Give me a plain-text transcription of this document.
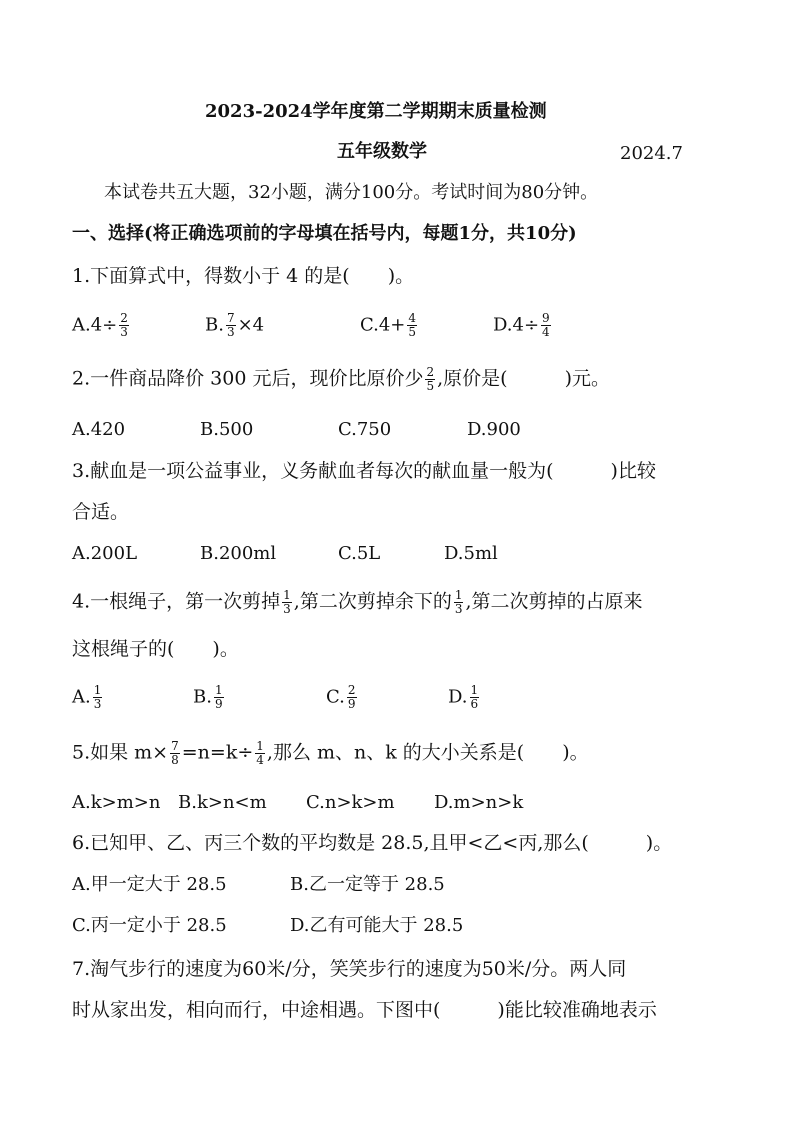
2023-2024学年度第二学期期末质量检测
五年级数学	2024.7
本试卷共五大题，32小题，满分100分。考试时间为80分钟。
一、选择(将正确选项前的字母填在括号内，每题1分，共10分)
1.下面算式中，得数小于 4 的是(　　)。
$A.4\div \frac{2}{3}$	B. $\frac{7}{3} \times 4$	$C.4+ \frac{4}{5}$	$D.4\div \frac{9}{4}$
2.一件商品降价 300 元后，现价比原价少 $\frac{2}{5}$ ,原价是(　　　)元。
A.420	B.500	C.750	D.900
3.献血是一项公益事业，义务献血者每次的献血量一般为(　　　)比较
合适。
A.200L	B.200ml	C.5L	D.5ml
4.一根绳子，第一次剪掉 $\frac{1}{3}$ ,第二次剪掉余下的 $\frac{1}{3}$ ,第二次剪掉的占原来
这根绳子的(　　)。
A. $\frac{1}{3}$	B. $\frac{1}{9}$	C. $\frac{2}{9}$	D. $\frac{1}{6}$
5.如果 $m\times \frac{7}{8} =n=k\div \frac{1}{4}$ ,那么 m、n、k 的大小关系是(　　)。
A.k>m>n B.k>n<m C.n>k>m D.m>n>k
6.已知甲、乙、丙三个数的平均数是 28.5,且甲<乙<丙,那么(　　　)。
A.甲一定大于 28.5	B.乙一定等于 28.5
C.丙一定小于 28.5	D.乙有可能大于 28.5
7.淘气步行的速度为60米/分，笑笑步行的速度为50米/分。两人同
时从家出发，相向而行，中途相遇。下图中(　　　)能比较准确地表示
